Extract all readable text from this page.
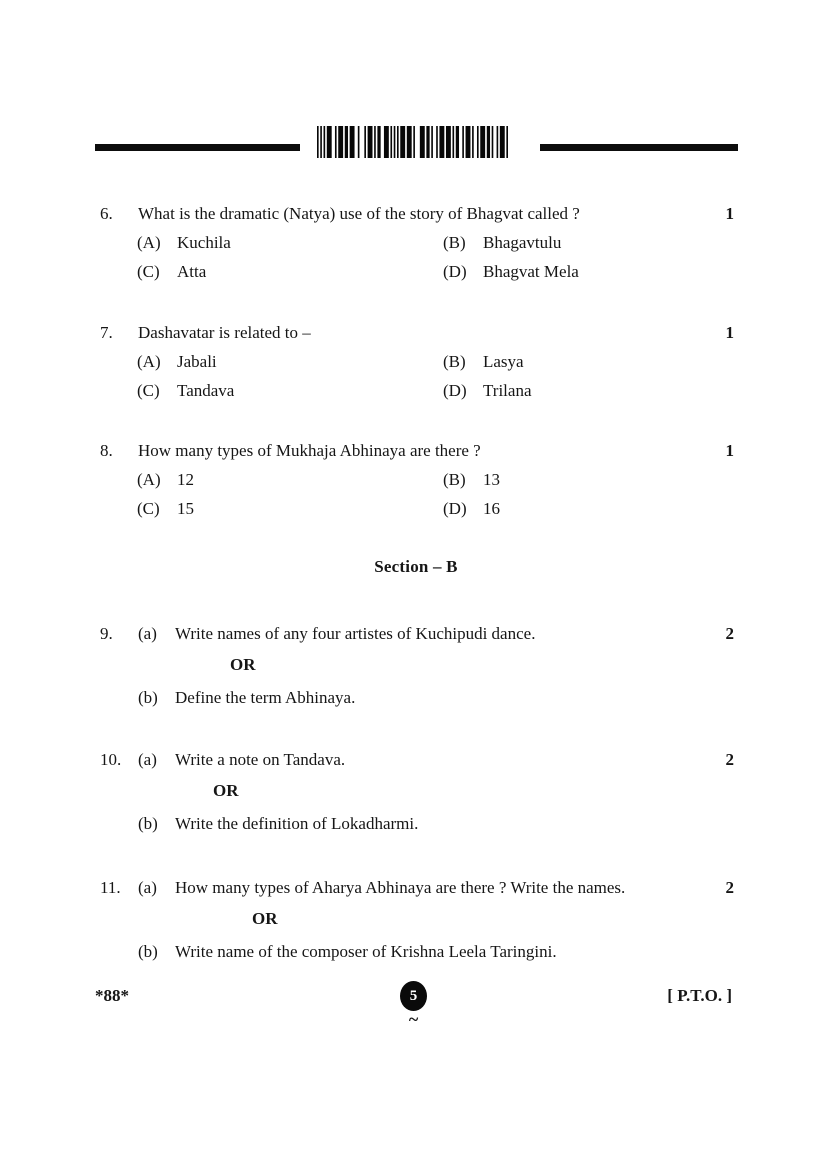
6.	What is the dramatic (Natya) use of the story of Bhagvat called ?	1
(A) Kuchila	(B)	Bhagavtulu
(C)	Atta	(D) Bhagvat Mela
7.	Dashavatar is related to –	1
(A) Jabali	(B)	Lasya
(C)	Tandava	(D) Trilana
8.	How many types of Mukhaja Abhinaya are there ?	1
(A) 12	(B)	13
(C)	15	(D) 16
Section – B
9.	(a)	Write names of any four artistes of Kuchipudi dance.	2
OR
(b)	Define the term Abhinaya.
10. (a)	Write a note on Tandava.	2
OR
(b)	Write the definition of Lokadharmi.
11.	(a)	How many types of Aharya Abhinaya are there ? Write the names.	2
OR
(b)	Write name of the composer of Krishna Leela Taringini.
*88*	5	[ P.T.O. ]
~
